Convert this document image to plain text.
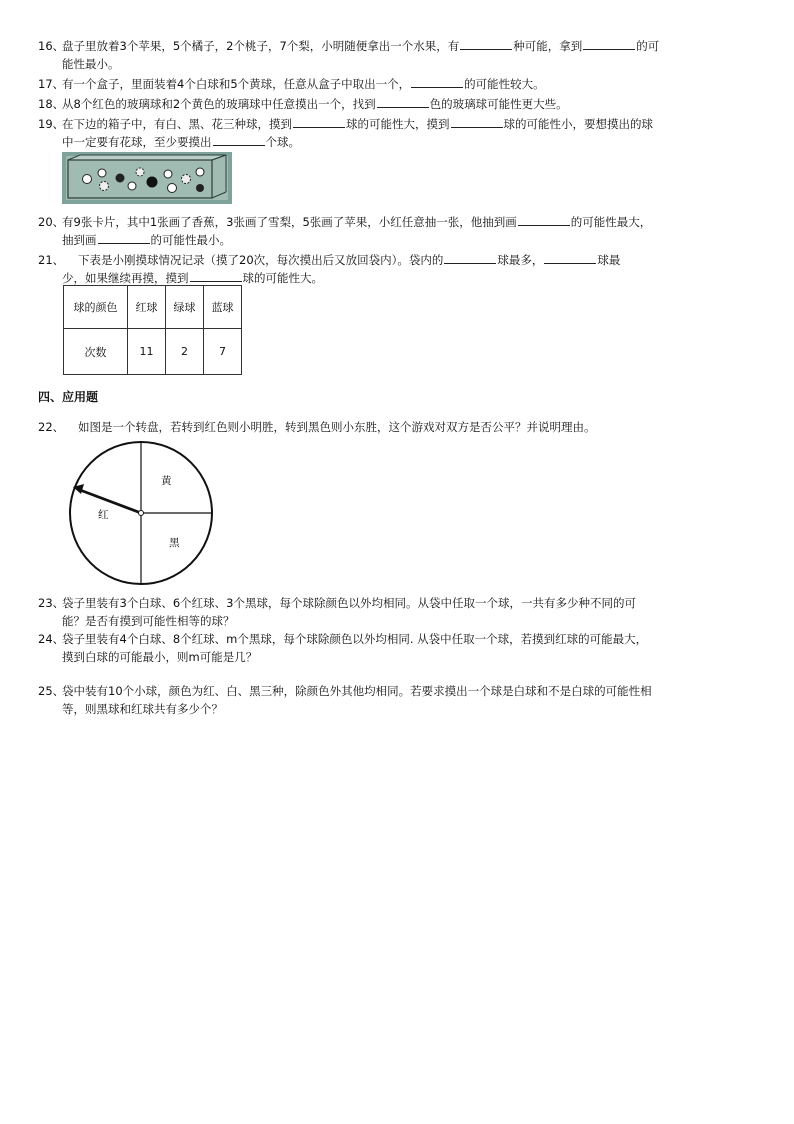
16、盘子里放着3个苹果，5个橘子，2个桃子，7个梨，小明随便拿出一个水果，有	种可能，拿到	的可
能性最小。
17、有一个盒子，里面装着4个白球和5个黄球，任意从盒子中取出一个，	的可能性较大。
18、从8个红色的玻璃球和2个黄色的玻璃球中任意摸出一个，找到	色的玻璃球可能性更大些。
19、在下边的箱子中，有白、黑、花三种球，摸到	球的可能性大，摸到	球的可能性小，要想摸出的球
中一定要有花球，至少要摸出	个球。
20、有9张卡片，其中1张画了香蕉，3张画了雪梨，5张画了苹果，小红任意抽一张，他抽到画	的可能性最大，
抽到画	的可能性最小。
21、 下表是小刚摸球情况记录（摸了20次，每次摸出后又放回袋内）。袋内的	球最多，	球最
少，如果继续再摸，摸到	球的可能性大。
球的颜色	红球	绿球	蓝球
次数	11	2	7
四、应用题
22、 如图是一个转盘，若转到红色则小明胜，转到黑色则小东胜，这个游戏对双方是否公平？并说明理由。
黄
红
黑
23、袋子里装有3个白球、6个红球、3个黑球，每个球除颜色以外均相同。从袋中任取一个球，一共有多少种不同的可
能？是否有摸到可能性相等的球？
24、袋子里装有4个白球、8个红球、m个黑球，每个球除颜色以外均相同. 从袋中任取一个球，若摸到红球的可能最大，
摸到白球的可能最小，则m可能是几？
25、袋中装有10个小球，颜色为红、白、黑三种，除颜色外其他均相同。若要求摸出一个球是白球和不是白球的可能性相
等，则黑球和红球共有多少个？
